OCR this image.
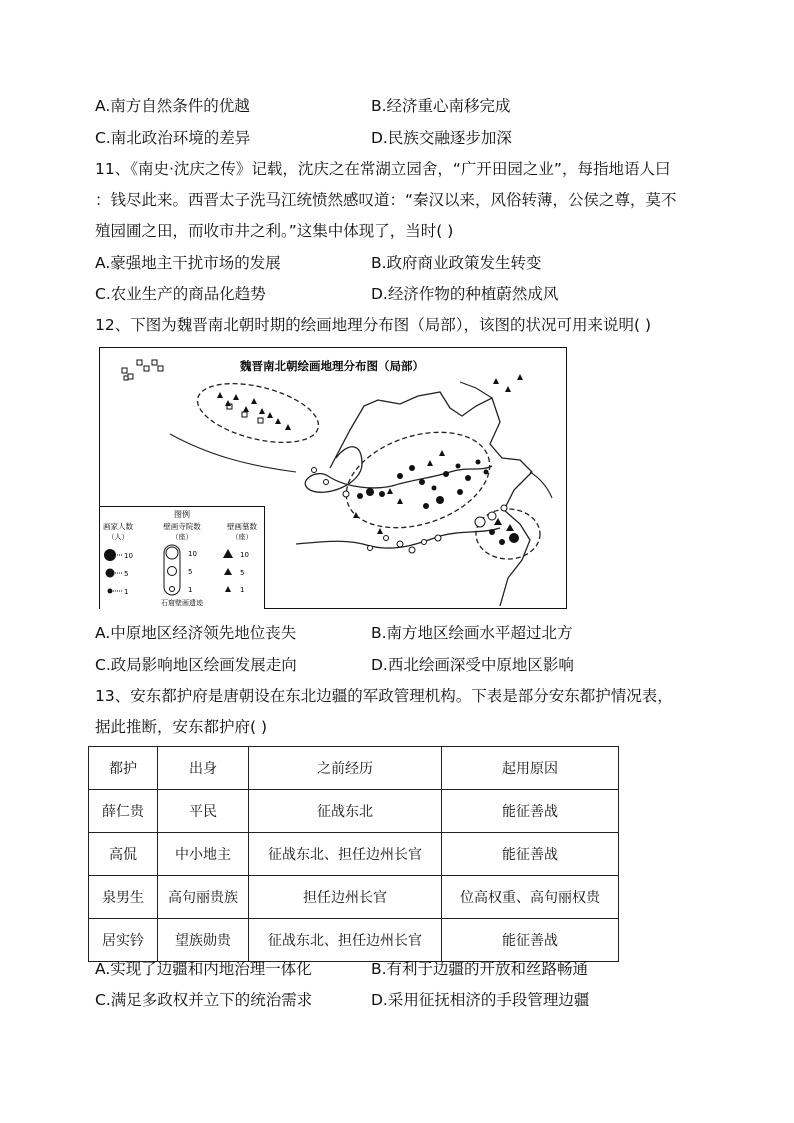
A.南方自然条件的优越	B.经济重心南移完成
C.南北政治环境的差异	D.民族交融逐步加深
11、《南史·沈庆之传》记载，沈庆之在常湖立园舍，“广开田园之业”，每指地语人曰
：钱尽此来。西晋太子洗马江统愤然感叹道：“秦汉以来，风俗转薄，公侯之尊，莫不
殖园圃之田，而收市井之利。”这集中体现了，当时( )
A.豪强地主干扰市场的发展	B.政府商业政策发生转变
C.农业生产的商品化趋势	D.经济作物的种植蔚然成风
12、下图为魏晋南北朝时期的绘画地理分布图（局部），该图的状况可用来说明( )
魏晋南北朝绘画地理分布图（局部）
图例
画家人数
（人）
壁画寺院数
（座）
壁画墓数
（座）
10
5
1
10
5
1
10
5
1
石窟壁画遗迹
A.中原地区经济领先地位丧失	B.南方地区绘画水平超过北方
C.政局影响地区绘画发展走向	D.西北绘画深受中原地区影响
13、安东都护府是唐朝设在东北边疆的军政管理机构。下表是部分安东都护情况表，
据此推断，安东都护府( )
都护	出身	之前经历	起用原因
薛仁贵	平民	征战东北	能征善战
高侃	中小地主	征战东北、担任边州长官	能征善战
泉男生	高句丽贵族	担任边州长官	位高权重、高句丽权贵
居实钤	望族勋贵	征战东北、担任边州长官	能征善战
A.实现了边疆和内地治理一体化	B.有利于边疆的开放和丝路畅通
C.满足多政权并立下的统治需求	D.采用征抚相济的手段管理边疆
